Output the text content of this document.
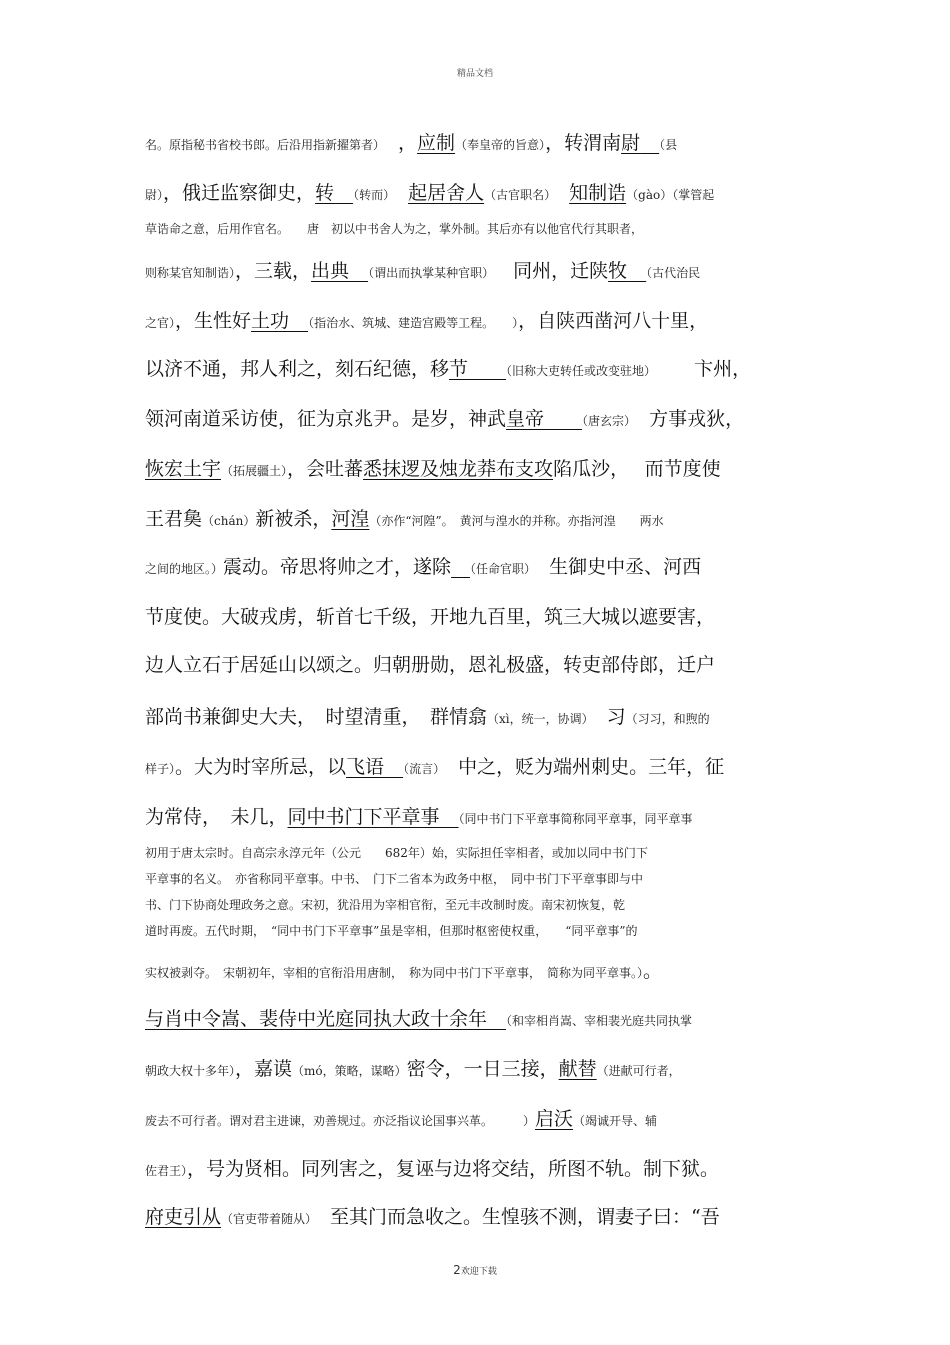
精品文档
名。原指秘书省校书郎。后沿用指新擢第者）　，应制（奉皇帝的旨意），转渭南尉　 （县
尉），俄迁监察御史，转　 （转而）　 起居舍人（古官职名）　 知制诰（gào）（掌管起
草诰命之意，后用作官名。　　唐　初以中书舍人为之，掌外制。其后亦有以他官代行其职者，
则称某官知制诰），三载，出典　 （谓出而执掌某种官职）　 同州，迁陕牧　 （古代治民
之官），生性好土功　 （指治水、筑城、建造宫殿等工程。　　），自陕西凿河八十里，
以济不通，邦人利之，刻石纪德，移节　　	（旧称大吏转任或改变驻地）　　 卞州，
领河南道采访使，征为京兆尹。是岁，神武皇帝　　	（唐玄宗）　方事戎狄，
恢宏土宇（拓展疆土），会吐蕃悉抹逻及烛龙莽布支攻陷瓜沙，　 而节度使
王君㚟（chán）新被杀，河湟（亦作“河隍”。　黄河与湟水的并称。亦指河湟　　两水
之间的地区。）震动。帝思将帅之才，遂除　 （任命官职）　生御史中丞、河西
节度使。大破戎虏，斩首七千级，开地九百里，筑三大城以遮要害，
边人立石于居延山以颂之。归朝册勋，恩礼极盛，转吏部侍郎，迁户
部尚书兼御史大夫，　时望清重，　群情翕（xì，统一，协调）　习（习习，和煦的
样子）。大为时宰所忌，以飞语　 （流言）　中之，贬为端州刺史。三年，征
为常侍，　未几，同中书门下平章事　 （同中书门下平章事简称同平章事，同平章事
初用于唐太宗时。自高宗永淳元年（公元　　682年）始，实际担任宰相者，或加以同中书门下
平章事的名义。　亦省称同平章事。中书、　门下二省本为政务中枢，　同中书门下平章事即与中
书、门下协商处理政务之意。宋初，犹沿用为宰相官衔，至元丰改制时废。南宋初恢复，乾
道时再废。五代时期，　“同中书门下平章事”虽是宰相，但那时枢密使权重，　　“同平章事”的
实权被剥夺。　宋朝初年，宰相的官衔沿用唐制，　称为同中书门下平章事，　简称为同平章事。）。
与肖中令嵩、裴侍中光庭同执大政十余年　 （和宰相肖嵩、宰相裴光庭共同执掌
朝政大权十多年），嘉谟（mó，策略，谋略）密令，一日三接，献替（进献可行者，
废去不可行者。谓对君主进谏，劝善规过。亦泛指议论国事兴革。　　　）启沃（竭诚开导、辅
佐君王），号为贤相。同列害之，复诬与边将交结，所图不轨。制下狱。
府吏引从（官吏带着随从）　至其门而急收之。生惶骇不测，谓妻子曰：“吾
2欢迎下载
